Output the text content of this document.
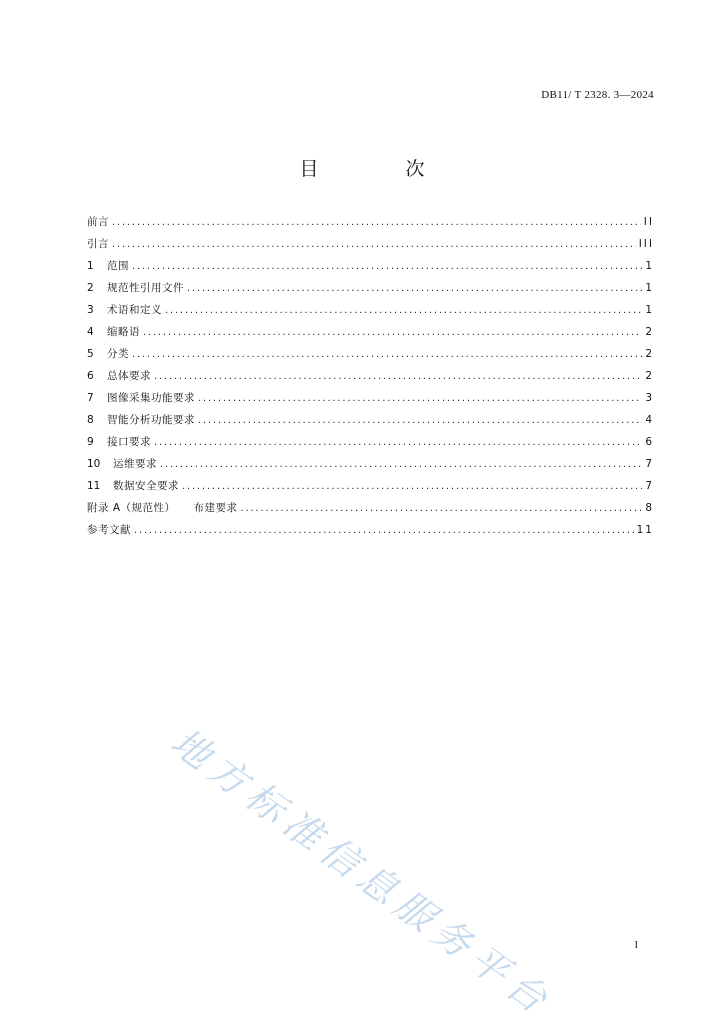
DB11/ T 2328. 3—2024
目　次
前言 .....	II
引言 .....	III
1	范围 .....	1
2	规范性引用文件 .....	1
3	术语和定义 .....	1
4	缩略语 .....	2
5	分类 .....	2
6	总体要求 .....	2
7	图像采集功能要求 .....	3
8	智能分析功能要求 .....	4
9	接口要求 .....	6
10	运维要求 .....	7
11	数据安全要求 .....	7
附录 A（规范性） 布建要求 .....	8
参考文献 .....	11
地方标准信息服务平台	I
